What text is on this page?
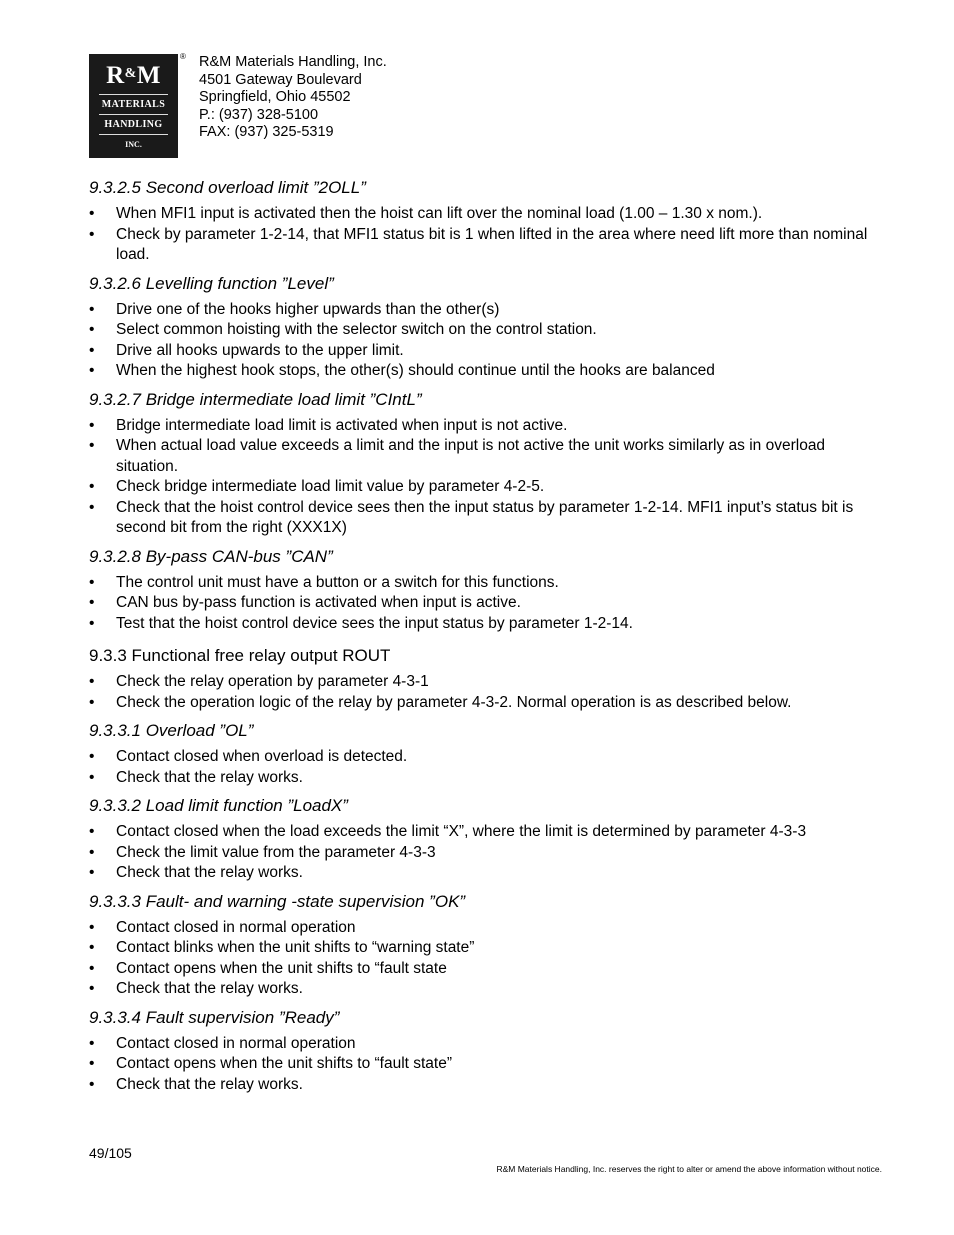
R&M
MATERIALS
HANDLING
INC.
® R&M Materials Handling, Inc.
4501 Gateway Boulevard
Springfield, Ohio 45502
P.: (937) 328-5100
FAX: (937) 325-5319
9.3.2.5 Second overload limit ”2OLL”
• When MFI1 input is activated then the hoist can lift over the nominal load (1.00 – 1.30 x nom.).
• Check by parameter 1-2-14, that MFI1 status bit is 1 when lifted in the area where need lift more than nominal load.
9.3.2.6 Levelling function ”Level”
• Drive one of the hooks higher upwards than the other(s)
• Select common hoisting with the selector switch on the control station.
• Drive all hooks upwards to the upper limit.
• When the highest hook stops, the other(s) should continue until the hooks are balanced
9.3.2.7 Bridge intermediate load limit ”CIntL”
• Bridge intermediate load limit is activated when input is not active.
• When actual load value exceeds a limit and the input is not active the unit works similarly as in overload situation.
• Check bridge intermediate load limit value by parameter 4-2-5.
• Check that the hoist control device sees then the input status by parameter 1-2-14. MFI1 input’s status bit is second bit from the right (XXX1X)
9.3.2.8 By-pass CAN-bus ”CAN”
• The control unit must have a button or a switch for this functions.
• CAN bus by-pass function is activated when input is active.
• Test that the hoist control device sees the input status by parameter 1-2-14.
9.3.3 Functional free relay output ROUT
• Check the relay operation by parameter 4-3-1
• Check the operation logic of the relay by parameter 4-3-2. Normal operation is as described below.
9.3.3.1 Overload ”OL”
• Contact closed when overload is detected.
• Check that the relay works.
9.3.3.2 Load limit function ”LoadX”
• Contact closed when the load exceeds the limit “X”, where the limit is determined by parameter 4-3-3
• Check the limit value from the parameter 4-3-3
• Check that the relay works.
9.3.3.3 Fault- and warning -state supervision ”OK”
• Contact closed in normal operation
• Contact blinks when the unit shifts to “warning state”
• Contact opens when the unit shifts to “fault state
• Check that the relay works.
9.3.3.4 Fault supervision ”Ready”
• Contact closed in normal operation
• Contact opens when the unit shifts to “fault state”
• Check that the relay works.
49/105
R&M Materials Handling, Inc. reserves the right to alter or amend the above information without notice.
